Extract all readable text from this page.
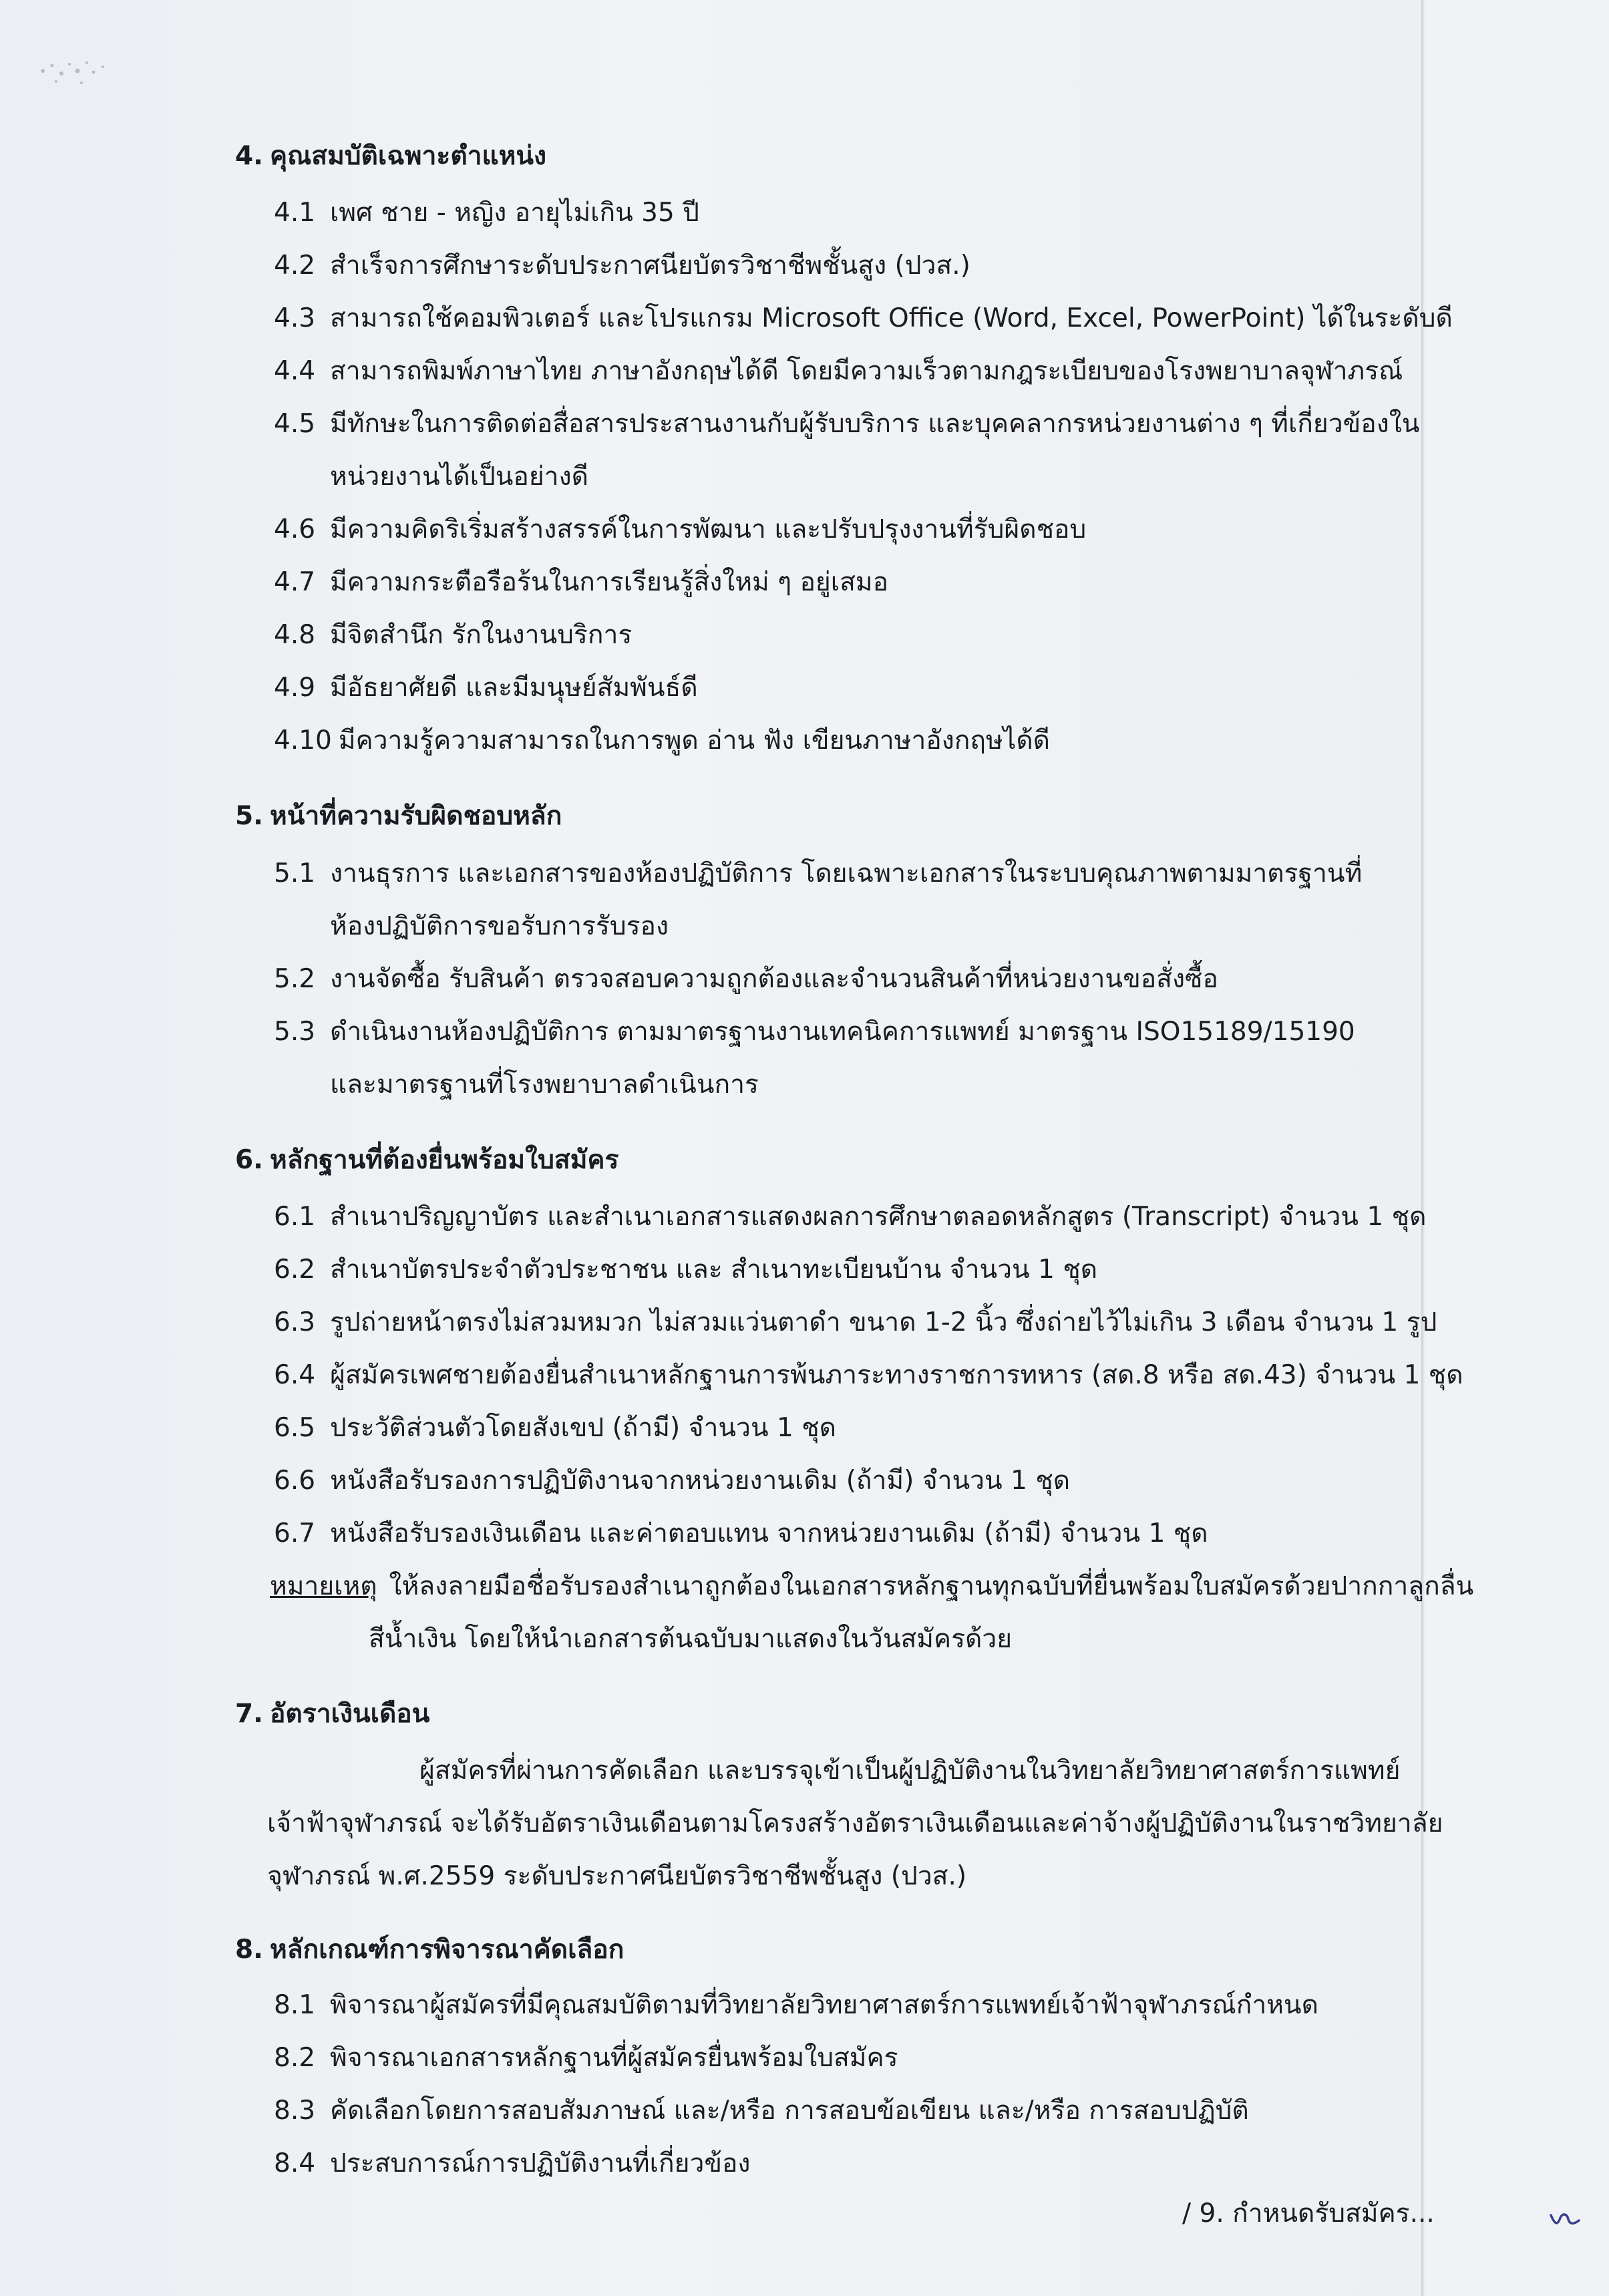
4. คุณสมบัติเฉพาะตำแหน่ง
4.1 เพศ ชาย - หญิง อายุไม่เกิน 35 ปี
4.2 สำเร็จการศึกษาระดับประกาศนียบัตรวิชาชีพชั้นสูง (ปวส.)
4.3 สามารถใช้คอมพิวเตอร์ และโปรแกรม Microsoft Office (Word, Excel, PowerPoint) ได้ในระดับดี
4.4 สามารถพิมพ์ภาษาไทย ภาษาอังกฤษได้ดี โดยมีความเร็วตามกฎระเบียบของโรงพยาบาลจุฬาภรณ์
4.5 มีทักษะในการติดต่อสื่อสารประสานงานกับผู้รับบริการ และบุคคลากรหน่วยงานต่าง ๆ ที่เกี่ยวข้องใน
หน่วยงานได้เป็นอย่างดี
4.6 มีความคิดริเริ่มสร้างสรรค์ในการพัฒนา และปรับปรุงงานที่รับผิดชอบ
4.7 มีความกระตือรือร้นในการเรียนรู้สิ่งใหม่ ๆ อยู่เสมอ
4.8 มีจิตสำนึก รักในงานบริการ
4.9 มีอัธยาศัยดี และมีมนุษย์สัมพันธ์ดี
4.10 มีความรู้ความสามารถในการพูด อ่าน ฟัง เขียนภาษาอังกฤษได้ดี
5. หน้าที่ความรับผิดชอบหลัก
5.1 งานธุรการ และเอกสารของห้องปฏิบัติการ โดยเฉพาะเอกสารในระบบคุณภาพตามมาตรฐานที่
ห้องปฏิบัติการขอรับการรับรอง
5.2 งานจัดซื้อ รับสินค้า ตรวจสอบความถูกต้องและจำนวนสินค้าที่หน่วยงานขอสั่งซื้อ
5.3 ดำเนินงานห้องปฏิบัติการ ตามมาตรฐานงานเทคนิคการแพทย์ มาตรฐาน ISO15189/15190
และมาตรฐานที่โรงพยาบาลดำเนินการ
6. หลักฐานที่ต้องยื่นพร้อมใบสมัคร
6.1 สำเนาปริญญาบัตร และสำเนาเอกสารแสดงผลการศึกษาตลอดหลักสูตร (Transcript) จำนวน 1 ชุด
6.2 สำเนาบัตรประจำตัวประชาชน และ สำเนาทะเบียนบ้าน จำนวน 1 ชุด
6.3 รูปถ่ายหน้าตรงไม่สวมหมวก ไม่สวมแว่นตาดำ ขนาด 1-2 นิ้ว ซึ่งถ่ายไว้ไม่เกิน 3 เดือน จำนวน 1 รูป
6.4 ผู้สมัครเพศชายต้องยื่นสำเนาหลักฐานการพ้นภาระทางราชการทหาร (สด.8 หรือ สด.43) จำนวน 1 ชุด
6.5 ประวัติส่วนตัวโดยสังเขป (ถ้ามี) จำนวน 1 ชุด
6.6 หนังสือรับรองการปฏิบัติงานจากหน่วยงานเดิม (ถ้ามี) จำนวน 1 ชุด
6.7 หนังสือรับรองเงินเดือน และค่าตอบแทน จากหน่วยงานเดิม (ถ้ามี) จำนวน 1 ชุด
หมายเหตุ ให้ลงลายมือชื่อรับรองสำเนาถูกต้องในเอกสารหลักฐานทุกฉบับที่ยื่นพร้อมใบสมัครด้วยปากกาลูกลื่น
สีน้ำเงิน โดยให้นำเอกสารต้นฉบับมาแสดงในวันสมัครด้วย
7. อัตราเงินเดือน
ผู้สมัครที่ผ่านการคัดเลือก และบรรจุเข้าเป็นผู้ปฏิบัติงานในวิทยาลัยวิทยาศาสตร์การแพทย์
เจ้าฟ้าจุฬาภรณ์ จะได้รับอัตราเงินเดือนตามโครงสร้างอัตราเงินเดือนและค่าจ้างผู้ปฏิบัติงานในราชวิทยาลัย
จุฬาภรณ์ พ.ศ.2559 ระดับประกาศนียบัตรวิชาชีพชั้นสูง (ปวส.)
8. หลักเกณฑ์การพิจารณาคัดเลือก
8.1 พิจารณาผู้สมัครที่มีคุณสมบัติตามที่วิทยาลัยวิทยาศาสตร์การแพทย์เจ้าฟ้าจุฬาภรณ์กำหนด
8.2 พิจารณาเอกสารหลักฐานที่ผู้สมัครยื่นพร้อมใบสมัคร
8.3 คัดเลือกโดยการสอบสัมภาษณ์ และ/หรือ การสอบข้อเขียน และ/หรือ การสอบปฏิบัติ
8.4 ประสบการณ์การปฏิบัติงานที่เกี่ยวข้อง
/ 9. กำหนดรับสมัคร...
